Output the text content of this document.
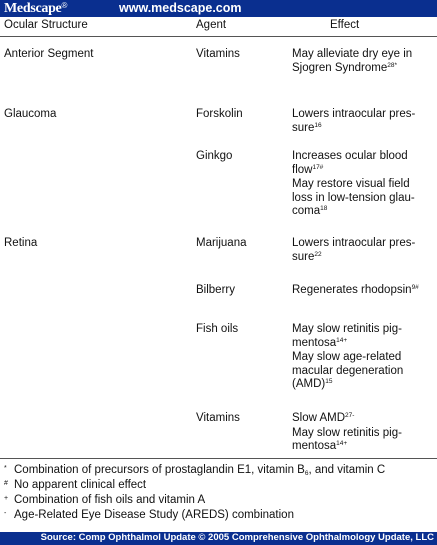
Medscape®	www.medscape.com
Ocular Structure	Agent	Effect
Anterior Segment	Vitamins	May alleviate dry eye in
Sjogren Syndrome$^{28*}$
Glaucoma	Forskolin	Lowers intraocular pres-
sure$^{16}$
Ginkgo	Increases ocular blood
flow$^{17\#}$
May restore visual field
loss in low-tension glau-
coma$^{18}$
Retina	Marijuana	Lowers intraocular pres-
sure$^{22}$
Bilberry	Regenerates rhodopsin$^{9\#}$
Fish oils	May slow retinitis pig-
mentosa$^{14+}$
May slow age-related
macular degeneration
(AMD)$^{15}$
Vitamins	Slow $AMD^{27-}$
May slow retinitis pig-
mentosa$^{14+}$
* Combination of precursors of prostaglandin E1, vitamin $B_6$, and vitamin C
# No apparent clinical effect
+ Combination of fish oils and vitamin A
- Age-Related Eye Disease Study (AREDS) combination
Source: Comp Ophthalmol Update © 2005 Comprehensive Ophthalmology Update, LLC
